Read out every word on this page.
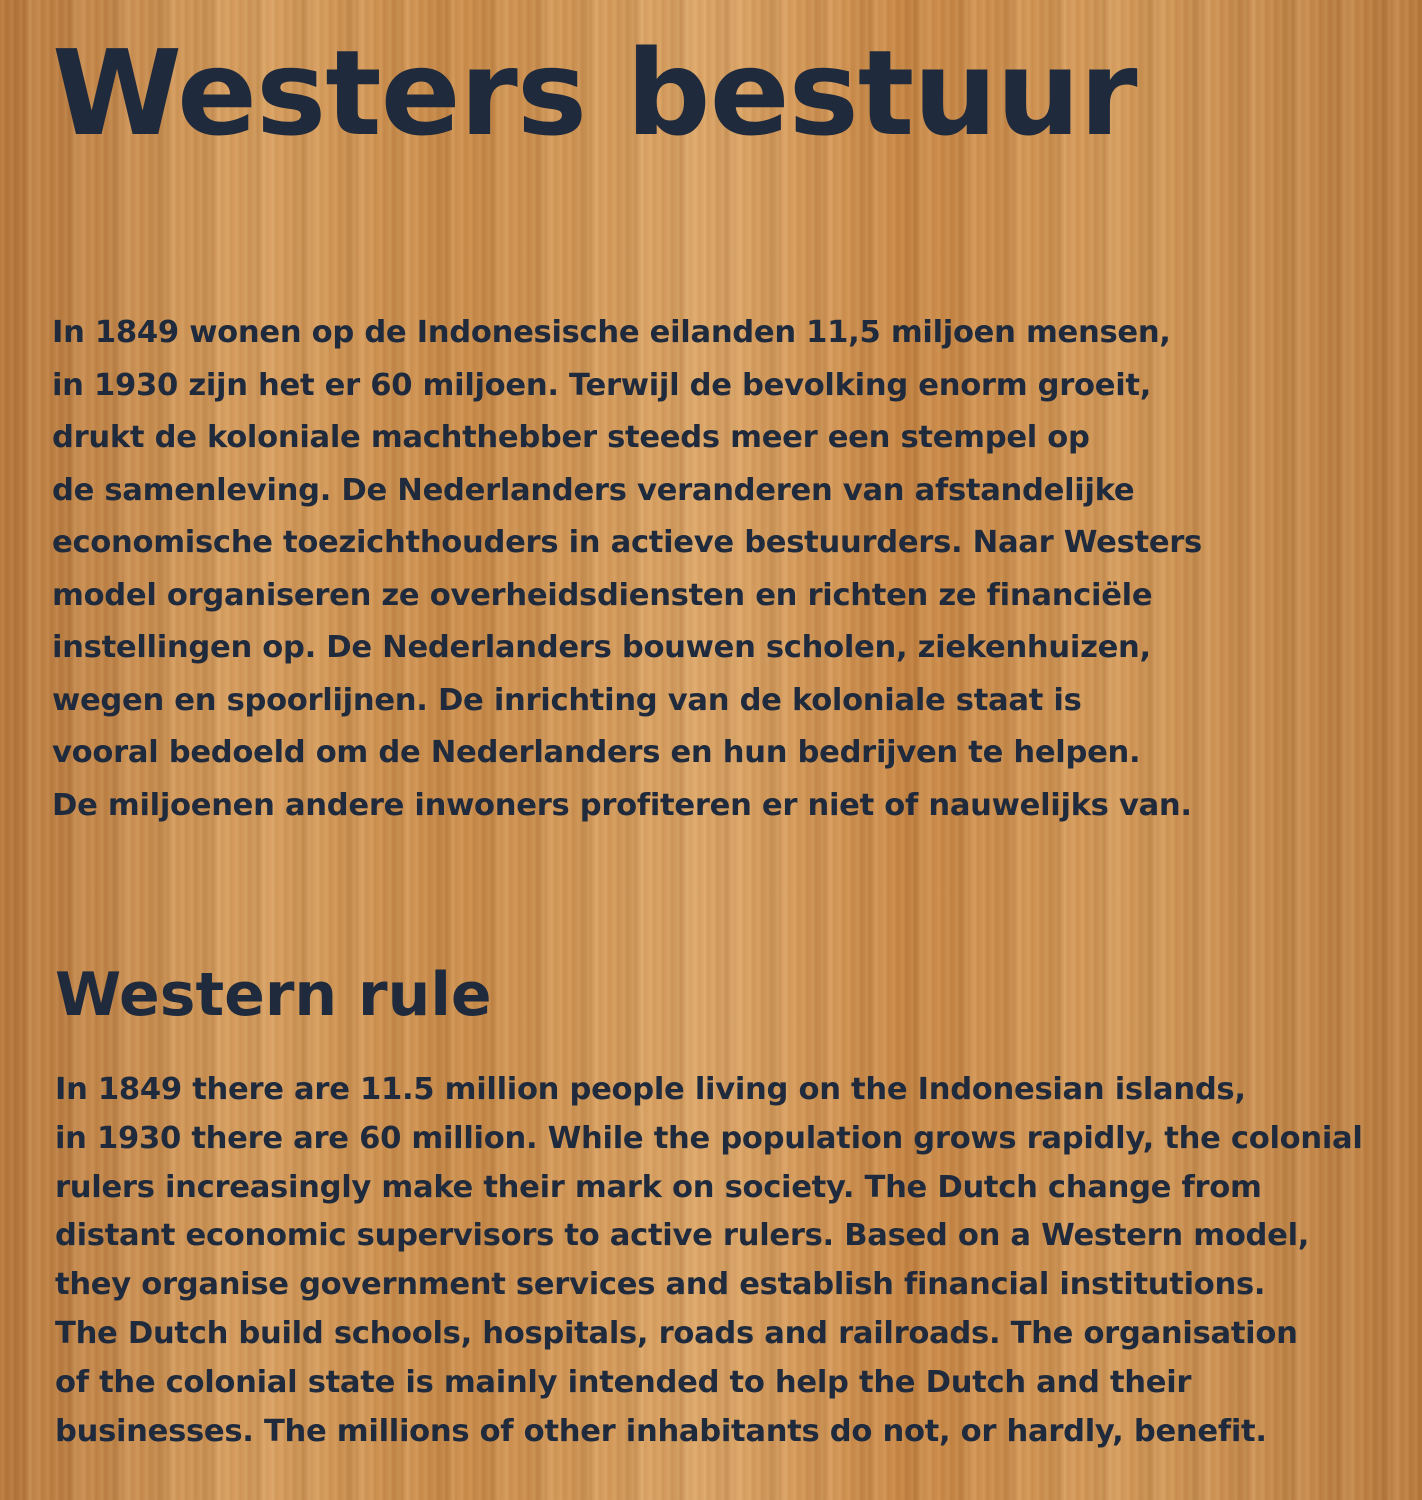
Westers bestuur

In 1849 wonen op de Indonesische eilanden 11,5 miljoen mensen,
in 1930 zijn het er 60 miljoen. Terwijl de bevolking enorm groeit,
drukt de koloniale machthebber steeds meer een stempel op
de samenleving. De Nederlanders veranderen van afstandelijke
economische toezichthouders in actieve bestuurders. Naar Westers
model organiseren ze overheidsdiensten en richten ze financiële
instellingen op. De Nederlanders bouwen scholen, ziekenhuizen,
wegen en spoorlijnen. De inrichting van de koloniale staat is
vooral bedoeld om de Nederlanders en hun bedrijven te helpen.
De miljoenen andere inwoners profiteren er niet of nauwelijks van.

Western rule

In 1849 there are 11.5 million people living on the Indonesian islands,
in 1930 there are 60 million. While the population grows rapidly, the colonial
rulers increasingly make their mark on society. The Dutch change from
distant economic supervisors to active rulers. Based on a Western model,
they organise government services and establish financial institutions.
The Dutch build schools, hospitals, roads and railroads. The organisation
of the colonial state is mainly intended to help the Dutch and their
businesses. The millions of other inhabitants do not, or hardly, benefit.
